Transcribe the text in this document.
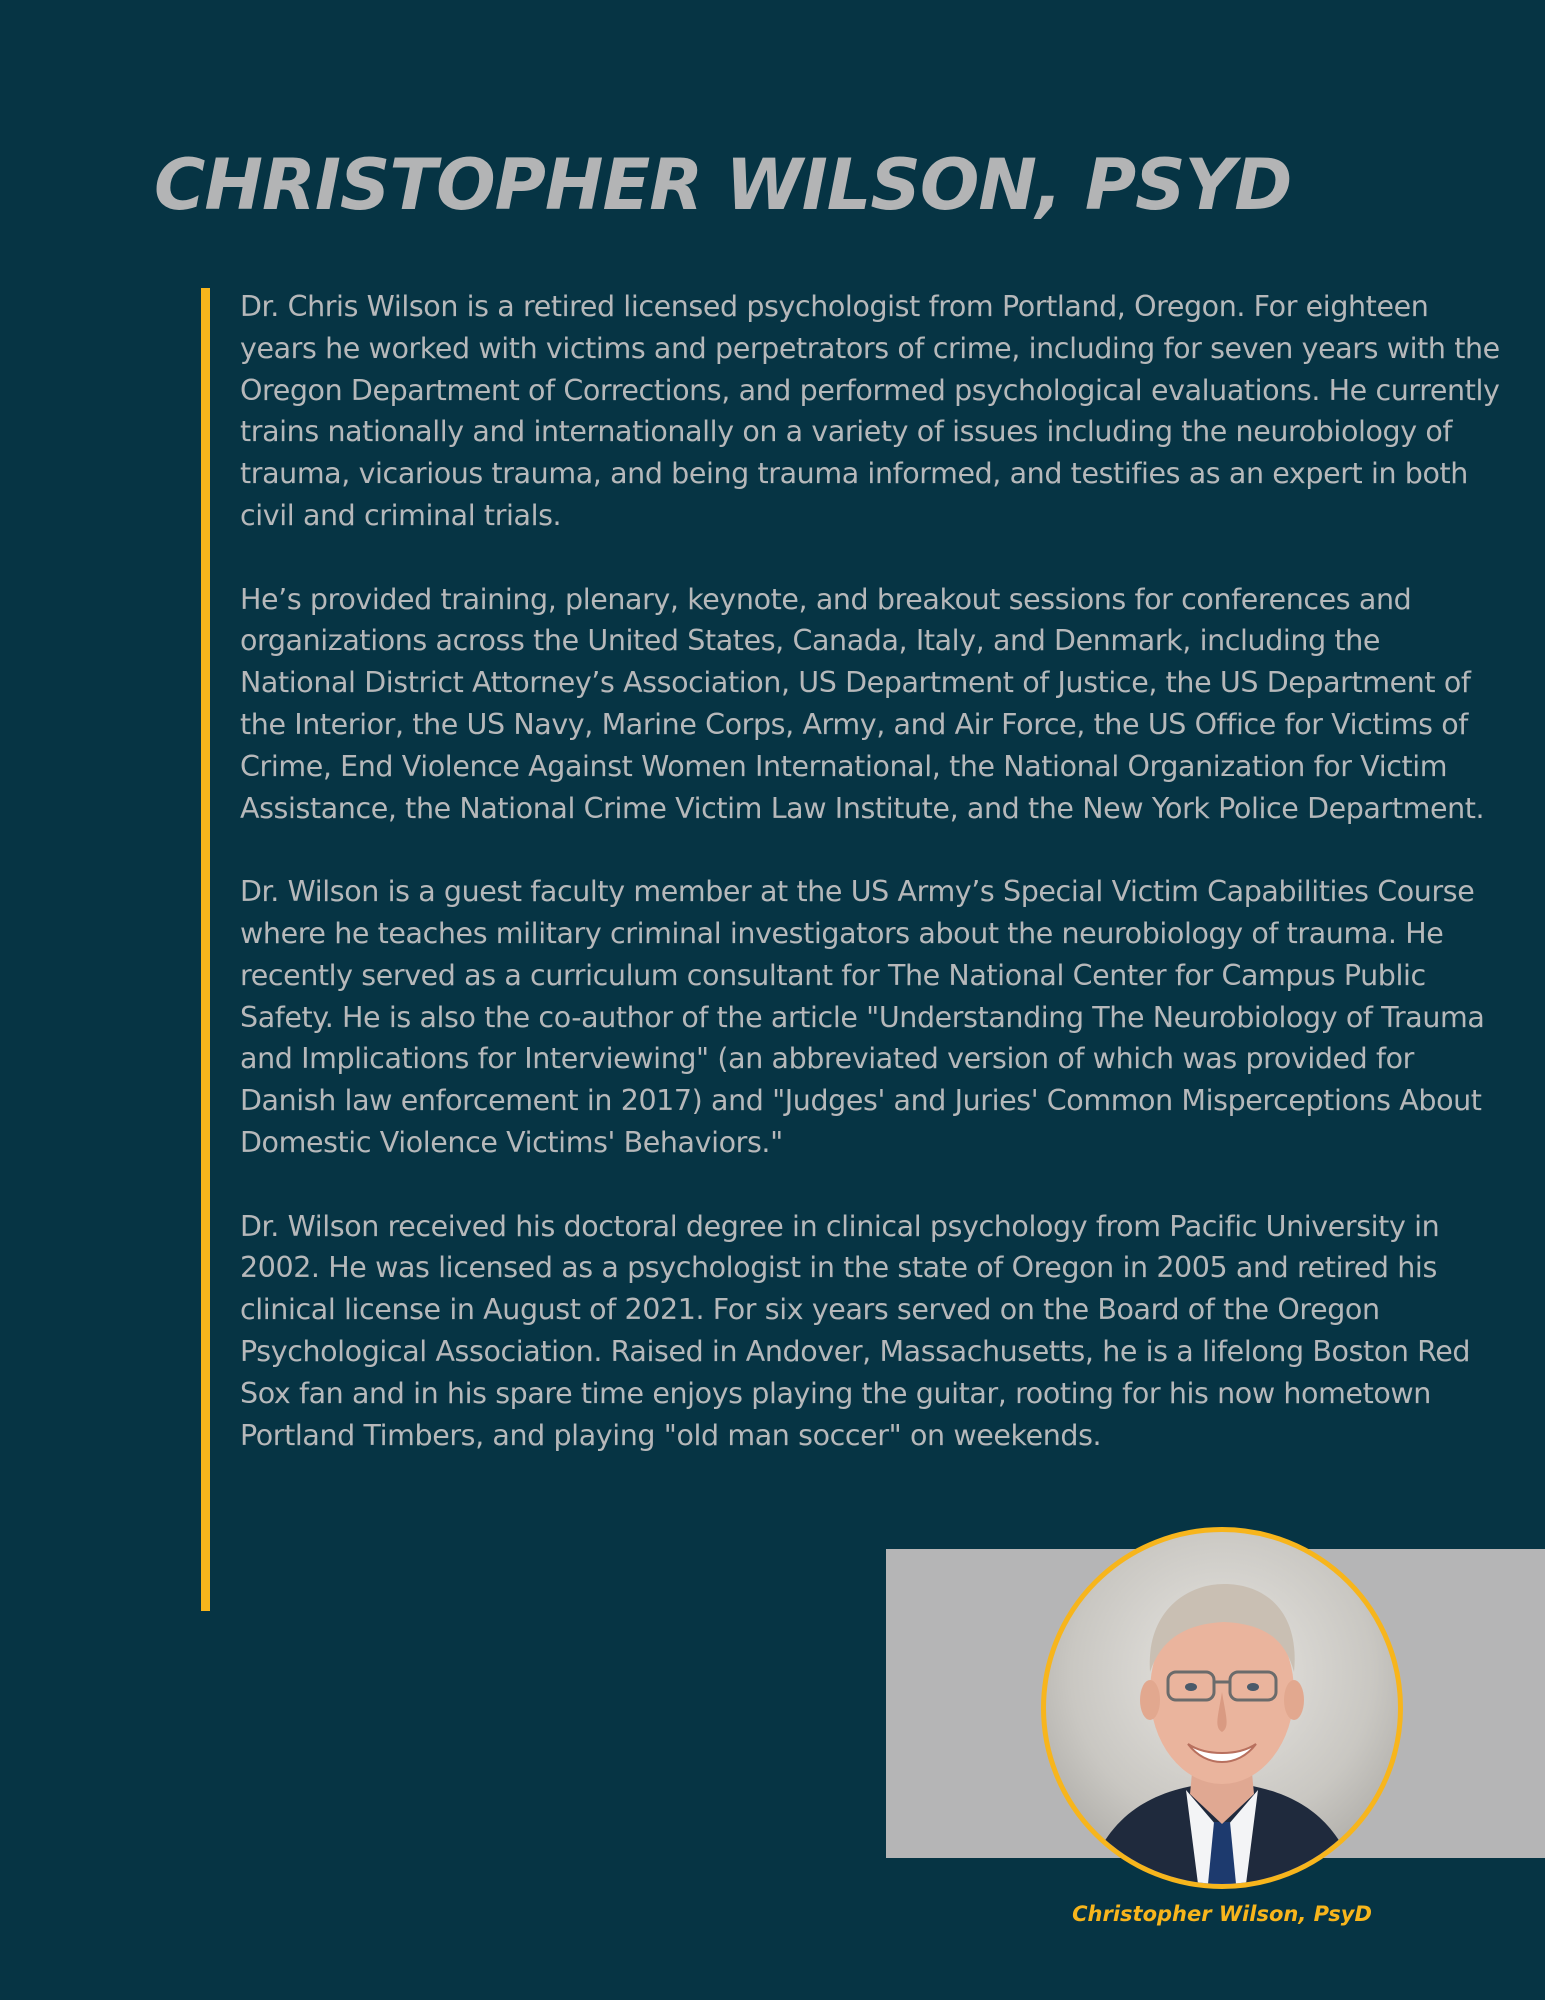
CHRISTOPHER WILSON, PSYD

Dr. Chris Wilson is a retired licensed psychologist from Portland, Oregon. For eighteen years he worked with victims and perpetrators of crime, including for seven years with the Oregon Department of Corrections, and performed psychological evaluations. He currently trains nationally and internationally on a variety of issues including the neurobiology of trauma, vicarious trauma, and being trauma informed, and testifies as an expert in both civil and criminal trials.

He’s provided training, plenary, keynote, and breakout sessions for conferences and organizations across the United States, Canada, Italy, and Denmark, including the National District Attorney’s Association, US Department of Justice, the US Department of the Interior, the US Navy, Marine Corps, Army, and Air Force, the US Office for Victims of Crime, End Violence Against Women International, the National Organization for Victim Assistance, the National Crime Victim Law Institute, and the New York Police Department.

Dr. Wilson is a guest faculty member at the US Army’s Special Victim Capabilities Course where he teaches military criminal investigators about the neurobiology of trauma. He recently served as a curriculum consultant for The National Center for Campus Public Safety. He is also the co-author of the article "Understanding The Neurobiology of Trauma and Implications for Interviewing" (an abbreviated version of which was provided for Danish law enforcement in 2017) and "Judges' and Juries' Common Misperceptions About Domestic Violence Victims' Behaviors."

Dr. Wilson received his doctoral degree in clinical psychology from Pacific University in 2002. He was licensed as a psychologist in the state of Oregon in 2005 and retired his clinical license in August of 2021. For six years served on the Board of the Oregon Psychological Association. Raised in Andover, Massachusetts, he is a lifelong Boston Red Sox fan and in his spare time enjoys playing the guitar, rooting for his now hometown Portland Timbers, and playing "old man soccer" on weekends.

Christopher Wilson, PsyD
